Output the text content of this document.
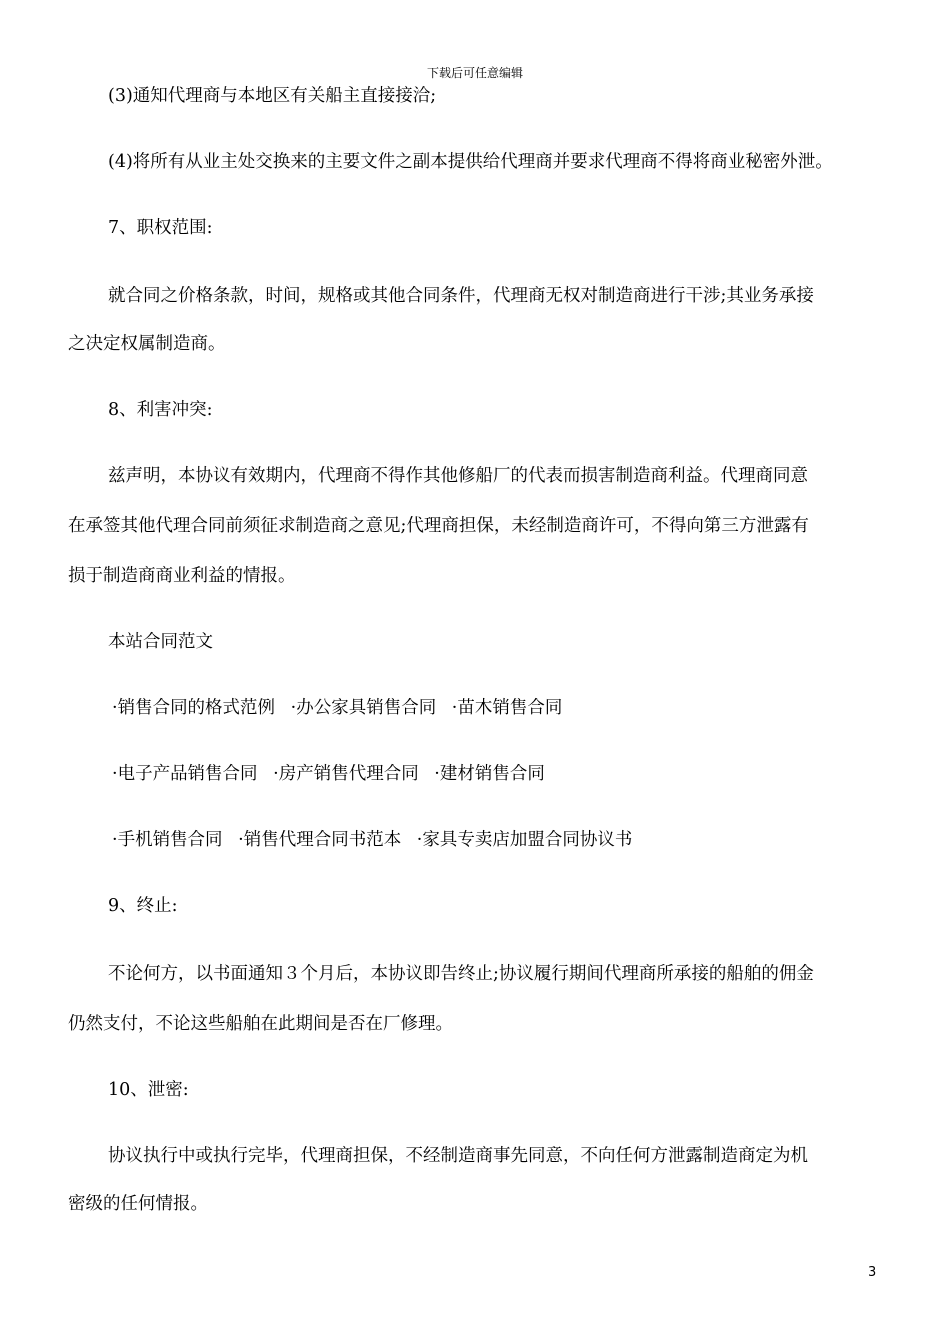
下载后可任意编辑
(3)通知代理商与本地区有关船主直接接洽;
(4)将所有从业主处交换来的主要文件之副本提供给代理商并要求代理商不得将商业秘密外泄。
7、职权范围:
就合同之价格条款，时间，规格或其他合同条件，代理商无权对制造商进行干涉;其业务承接
之决定权属制造商。
8、利害冲突:
兹声明，本协议有效期内，代理商不得作其他修船厂的代表而损害制造商利益。代理商同意
在承签其他代理合同前须征求制造商之意见;代理商担保，未经制造商许可，不得向第三方泄露有
损于制造商商业利益的情报。
本站合同范文
·销售合同的格式范例 ·办公家具销售合同 ·苗木销售合同
·电子产品销售合同 ·房产销售代理合同 ·建材销售合同
·手机销售合同 ·销售代理合同书范本 ·家具专卖店加盟合同协议书
9、终止:
不论何方，以书面通知３个月后，本协议即告终止;协议履行期间代理商所承接的船舶的佣金
仍然支付，不论这些船舶在此期间是否在厂修理。
10、泄密:
协议执行中或执行完毕，代理商担保，不经制造商事先同意，不向任何方泄露制造商定为机
密级的任何情报。
3
